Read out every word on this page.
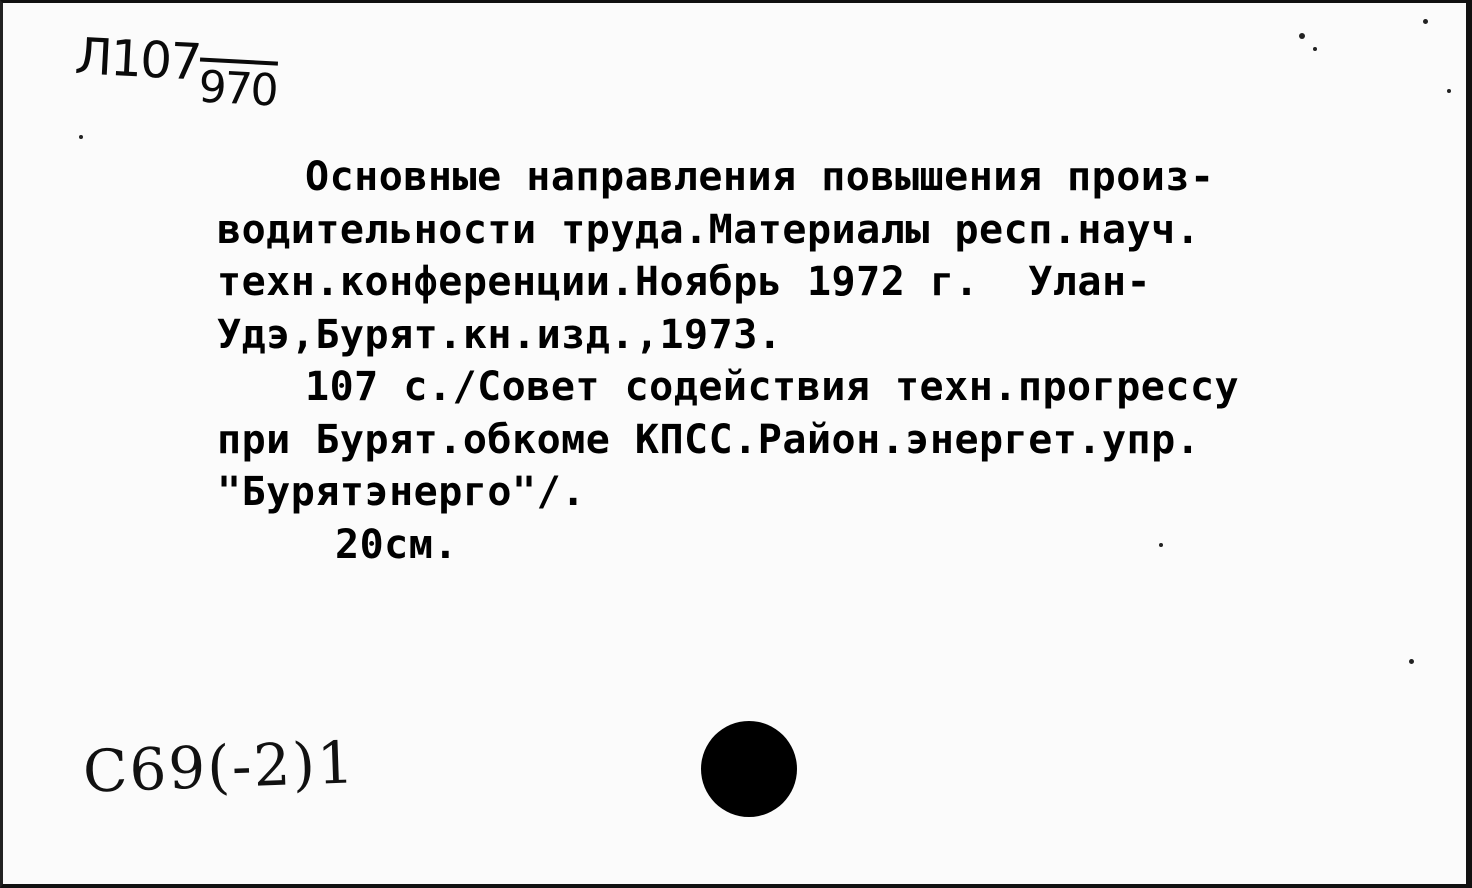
Л107970
Основные направления повышения произ-
водительности труда.Материалы респ.науч.
техн.конференции.Ноябрь 1972 г.  Улан-
Удэ,Бурят.кн.изд.,1973.
107 с./Совет содействия техн.прогрессу
при Бурят.обкоме КПСС.Район.энергет.упр.
"Бурятэнерго"/.
20см.
С69(-2)1
